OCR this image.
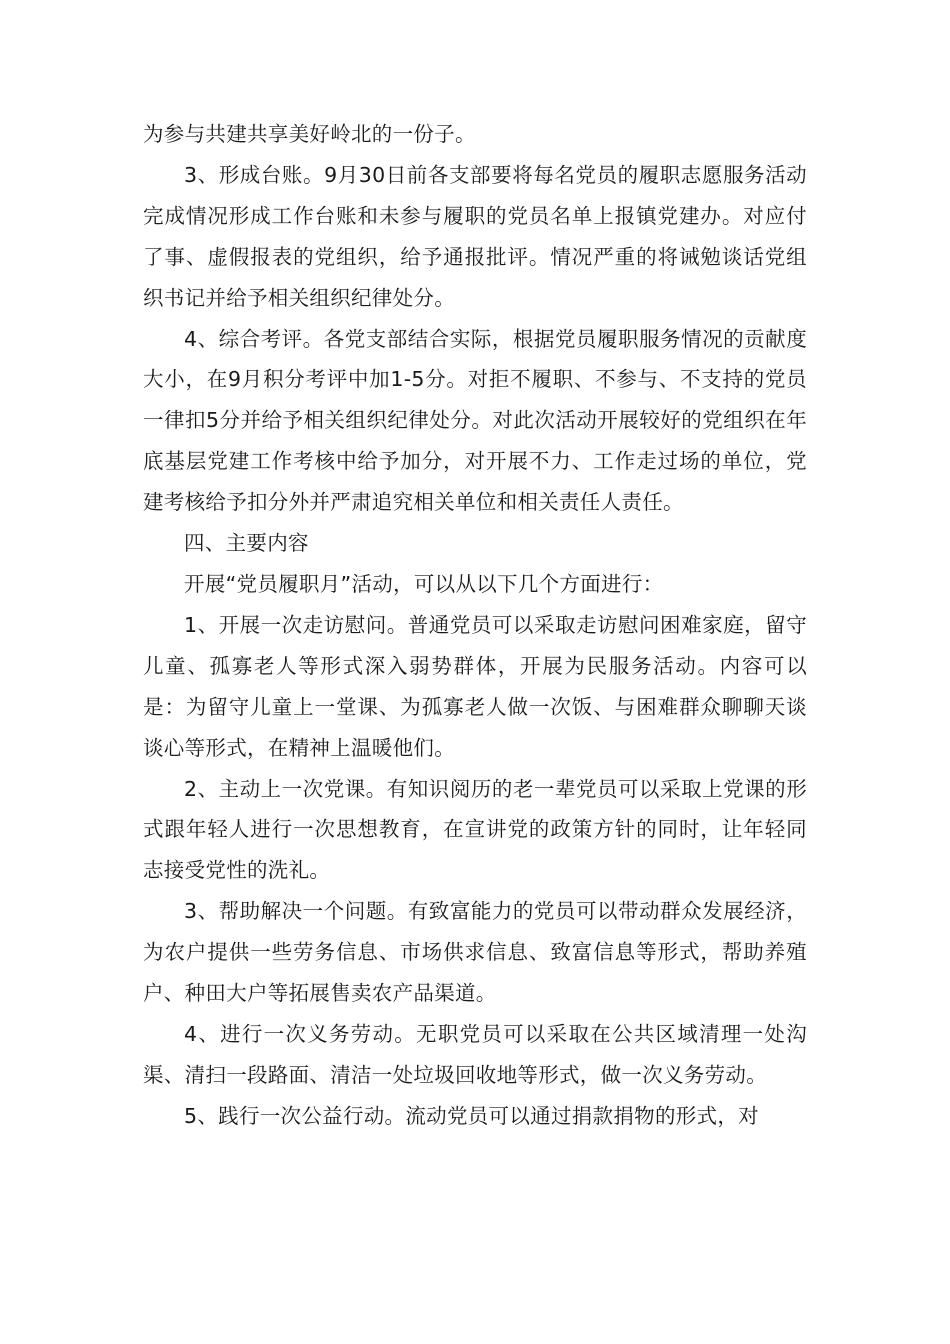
为参与共建共享美好岭北的一份子。

3、形成台账。9月30日前各支部要将每名党员的履职志愿服务活动完成情况形成工作台账和未参与履职的党员名单上报镇党建办。对应付了事、虚假报表的党组织，给予通报批评。情况严重的将诫勉谈话党组织书记并给予相关组织纪律处分。

4、综合考评。各党支部结合实际，根据党员履职服务情况的贡献度大小，在9月积分考评中加1-5分。对拒不履职、不参与、不支持的党员一律扣5分并给予相关组织纪律处分。对此次活动开展较好的党组织在年底基层党建工作考核中给予加分，对开展不力、工作走过场的单位，党建考核给予扣分外并严肃追究相关单位和相关责任人责任。

四、主要内容

开展“党员履职月”活动，可以从以下几个方面进行：

1、开展一次走访慰问。普通党员可以采取走访慰问困难家庭，留守儿童、孤寡老人等形式深入弱势群体，开展为民服务活动。内容可以是：为留守儿童上一堂课、为孤寡老人做一次饭、与困难群众聊聊天谈谈心等形式，在精神上温暖他们。

2、主动上一次党课。有知识阅历的老一辈党员可以采取上党课的形式跟年轻人进行一次思想教育，在宣讲党的政策方针的同时，让年轻同志接受党性的洗礼。

3、帮助解决一个问题。有致富能力的党员可以带动群众发展经济，为农户提供一些劳务信息、市场供求信息、致富信息等形式，帮助养殖户、种田大户等拓展售卖农产品渠道。

4、进行一次义务劳动。无职党员可以采取在公共区域清理一处沟渠、清扫一段路面、清洁一处垃圾回收地等形式，做一次义务劳动。

5、践行一次公益行动。流动党员可以通过捐款捐物的形式，对
